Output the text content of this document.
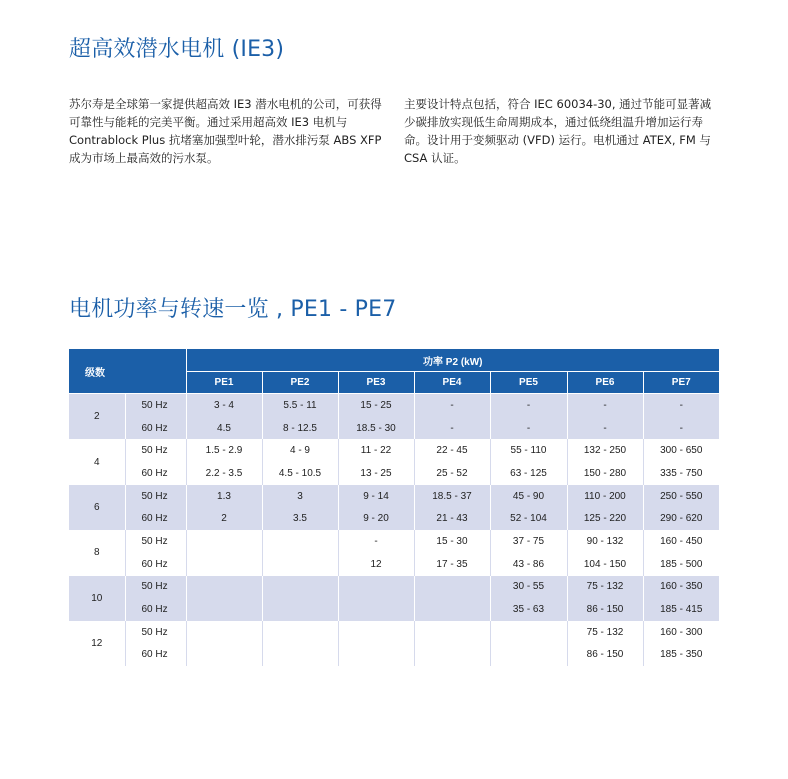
超高效潜水电机 (IE3)
苏尔寿是全球第一家提供超高效 IE3 潜水电机的公司，可获得可靠性与能耗的完美平衡。通过采用超高效 IE3 电机与 Contrablock Plus 抗堵塞加强型叶轮，潜水排污泵 ABS XFP 成为市场上最高效的污水泵。
主要设计特点包括，符合 IEC 60034-30, 通过节能可显著减少碳排放实现低生命周期成本，通过低绕组温升增加运行寿命。设计用于变频驱动 (VFD) 运行。电机通过 ATEX, FM 与 CSA 认证。
电机功率与转速一览 , PE1 - PE7
级数		功率 P2 (kW)						
		PE1	PE2	PE3	PE4	PE5	PE6	PE7
2	50 Hz	3 - 4	5.5 - 11	15 - 25	-	-	-	-
	60 Hz	4.5	8 - 12.5	18.5 - 30	-	-	-	-
4	50 Hz	1.5 - 2.9	4 - 9	11 - 22	22 - 45	55 - 110	132 - 250	300 - 650
	60 Hz	2.2 - 3.5	4.5 - 10.5	13 - 25	25 - 52	63 - 125	150 - 280	335 - 750
6	50 Hz	1.3	3	9 - 14	18.5 - 37	45 - 90	110 - 200	250 - 550
	60 Hz	2	3.5	9 - 20	21 - 43	52 - 104	125 - 220	290 - 620
8	50 Hz			-	15 - 30	37 - 75	90 - 132	160 - 450
	60 Hz			12	17 - 35	43 - 86	104 - 150	185 - 500
10	50 Hz					30 - 55	75 - 132	160 - 350
	60 Hz					35 - 63	86 - 150	185 - 415
12	50 Hz						75 - 132	160 - 300
	60 Hz						86 - 150	185 - 350
